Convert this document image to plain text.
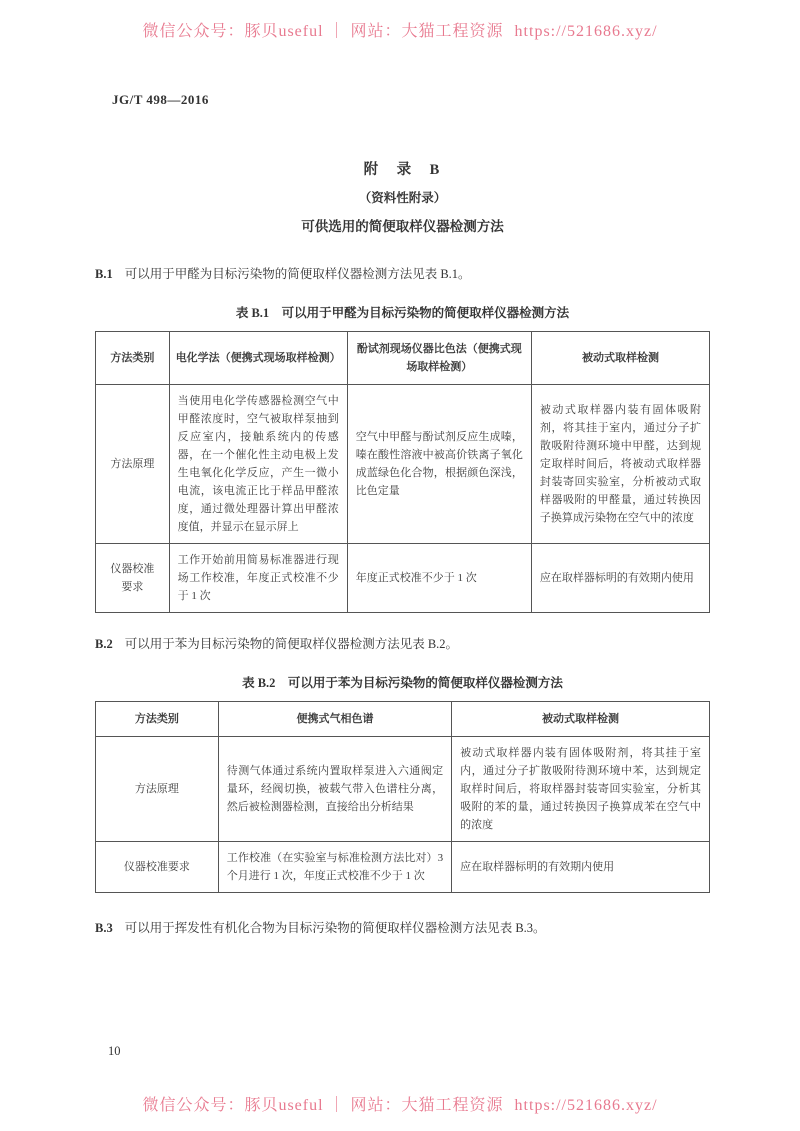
微信公众号：豚贝useful ｜ 网站：大猫工程资源 https://521686.xyz/
JG/T 498—2016
附　录　B
（资料性附录）
可供选用的简便取样仪器检测方法

B.1 可以用于甲醛为目标污染物的简便取样仪器检测方法见表 B.1。

表 B.1　可以用于甲醛为目标污染物的简便取样仪器检测方法
方法类别	电化学法（便携式现场取样检测）	酚试剂现场仪器比色法（便携式现场取样检测）	被动式取样检测
方法原理	当使用电化学传感器检测空气中甲醛浓度时，空气被取样泵抽到反应室内，接触系统内的传感器，在一个催化性主动电极上发生电氧化化学反应，产生一微小电流，该电流正比于样品甲醛浓度，通过微处理器计算出甲醛浓度值，并显示在显示屏上	空气中甲醛与酚试剂反应生成嗪，嗪在酸性溶液中被高价铁离子氧化成蓝绿色化合物，根据颜色深浅，比色定量	被动式取样器内装有固体吸附剂，将其挂于室内，通过分子扩散吸附待测环境中甲醛，达到规定取样时间后，将被动式取样器封装寄回实验室，分析被动式取样器吸附的甲醛量，通过转换因子换算成污染物在空气中的浓度
仪器校准要求	工作开始前用简易标准器进行现场工作校准，年度正式校准不少于 1 次	年度正式校准不少于 1 次	应在取样器标明的有效期内使用

B.2 可以用于苯为目标污染物的简便取样仪器检测方法见表 B.2。

表 B.2　可以用于苯为目标污染物的简便取样仪器检测方法
方法类别	便携式气相色谱	被动式取样检测
方法原理	待测气体通过系统内置取样泵进入六通阀定量环，经阀切换，被载气带入色谱柱分离，然后被检测器检测，直接给出分析结果	被动式取样器内装有固体吸附剂，将其挂于室内，通过分子扩散吸附待测环境中苯，达到规定取样时间后，将取样器封装寄回实验室，分析其吸附的苯的量，通过转换因子换算成苯在空气中的浓度
仪器校准要求	工作校准（在实验室与标准检测方法比对）3 个月进行 1 次，年度正式校准不少于 1 次	应在取样器标明的有效期内使用

B.3 可以用于挥发性有机化合物为目标污染物的简便取样仪器检测方法见表 B.3。

10
微信公众号：豚贝useful ｜ 网站：大猫工程资源 https://521686.xyz/
